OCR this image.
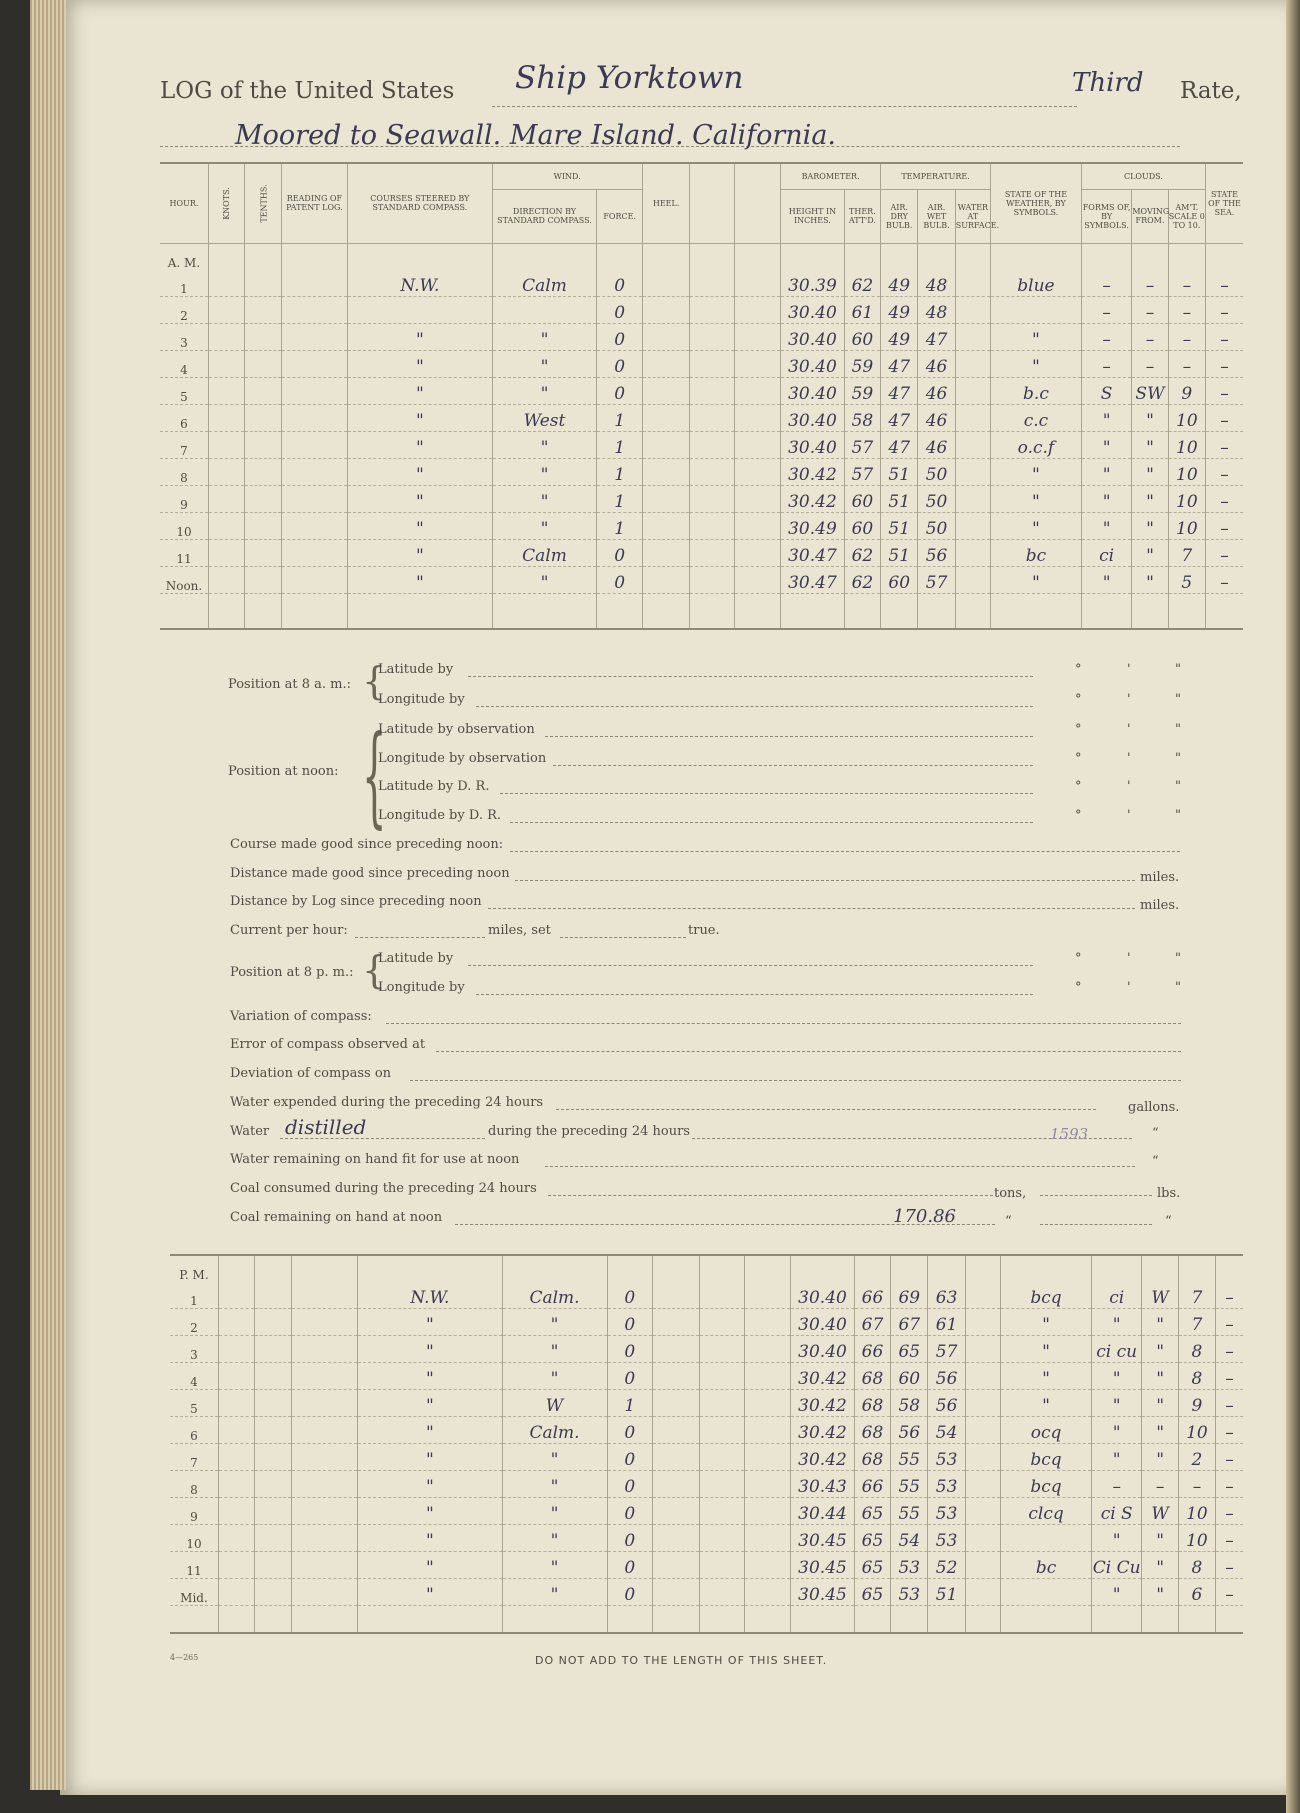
LOG of the United States Ship Yorktown	Third Rate,
Moored to Seawall. Mare Island. California.
HOUR.	KNOTS.	TENTHS.	READING OF PATENT LOG.	COURSES STEERED BY STANDARD COMPASS.	WIND.		HEEL.			BAROMETER.		TEMPERATURE.			STATE OF THE WEATHER, BY SYMBOLS.	CLOUDS.			STATE OF THE SEA.
					DIRECTION BY STANDARD COMPASS.	FORCE.				HEIGHT IN INCHES.	THER. ATT'D.	AIR. DRY BULB.	AIR. WET BULB.	WATER AT SURFACE.		FORMS OF, BY SYMBOLS.	MOVING FROM.	AM'T. SCALE 0 TO 10.	
A. M.																			
1				N.W.	Calm	0				30.39	62	49	48		blue	–	–	–	–
2						0				30.40	61	49	48			–	–	–	–
3				"	"	0				30.40	60	49	47		"	–	–	–	–
4				"	"	0				30.40	59	47	46		"	–	–	–	–
5				"	"	0				30.40	59	47	46		b.c	S	SW	9	–
6				"	West	1				30.40	58	47	46		c.c	"	"	10	–
7				"	"	1				30.40	57	47	46		o.c.f	"	"	10	–
8				"	"	1				30.42	57	51	50		"	"	"	10	–
9				"	"	1				30.42	60	51	50		"	"	"	10	–
10				"	"	1				30.49	60	51	50		"	"	"	10	–
11				"	Calm	0				30.47	62	51	56		bc	ci	"	7	–
Noon.				"	"	0				30.47	62	60	57		"	"	"	5	–

Position at 8 a. m.: {
Latitude by
Longitude by
Position at noon: {
Latitude by observation
Longitude by observation
Latitude by D. R.
Longitude by D. R.
Course made good since preceding noon:
Distance made good since preceding noon	miles.
Distance by Log since preceding noon	miles.
Current per hour:	miles, set	true.
Position at 8 p. m.: {
Latitude by
Longitude by
Variation of compass:
Error of compass observed at
Deviation of compass on
Water expended during the preceding 24 hours	gallons.
Water distilled	during the preceding 24 hours	1593	“
Water remaining on hand fit for use at noon	“
Coal consumed during the preceding 24 hours	tons,	lbs.
Coal remaining on hand at noon	170.86	“	“
°	'	"
°	'	"
°	'	"
°	'	"
°	'	"
°	'	"
°	'	"
°	'	"
P. M.																			
1				N.W.	Calm.	0				30.40	66	69	63		bcq	ci	W	7	–
2				"	"	0				30.40	67	67	61		"	"	"	7	–
3				"	"	0				30.40	66	65	57		"	ci cu	"	8	–
4				"	"	0				30.42	68	60	56		"	"	"	8	–
5				"	W	1				30.42	68	58	56		"	"	"	9	–
6				"	Calm.	0				30.42	68	56	54		ocq	"	"	10	–
7				"	"	0				30.42	68	55	53		bcq	"	"	2	–
8				"	"	0				30.43	66	55	53		bcq	–	–	–	–
9				"	"	0				30.44	65	55	53		clcq	ci S	W	10	–
10				"	"	0				30.45	65	54	53			"	"	10	–
11				"	"	0				30.45	65	53	52		bc	Ci Cu	"	8	–
Mid.				"	"	0				30.45	65	53	51			"	"	6	–

4—265	DO NOT ADD TO THE LENGTH OF THIS SHEET.
